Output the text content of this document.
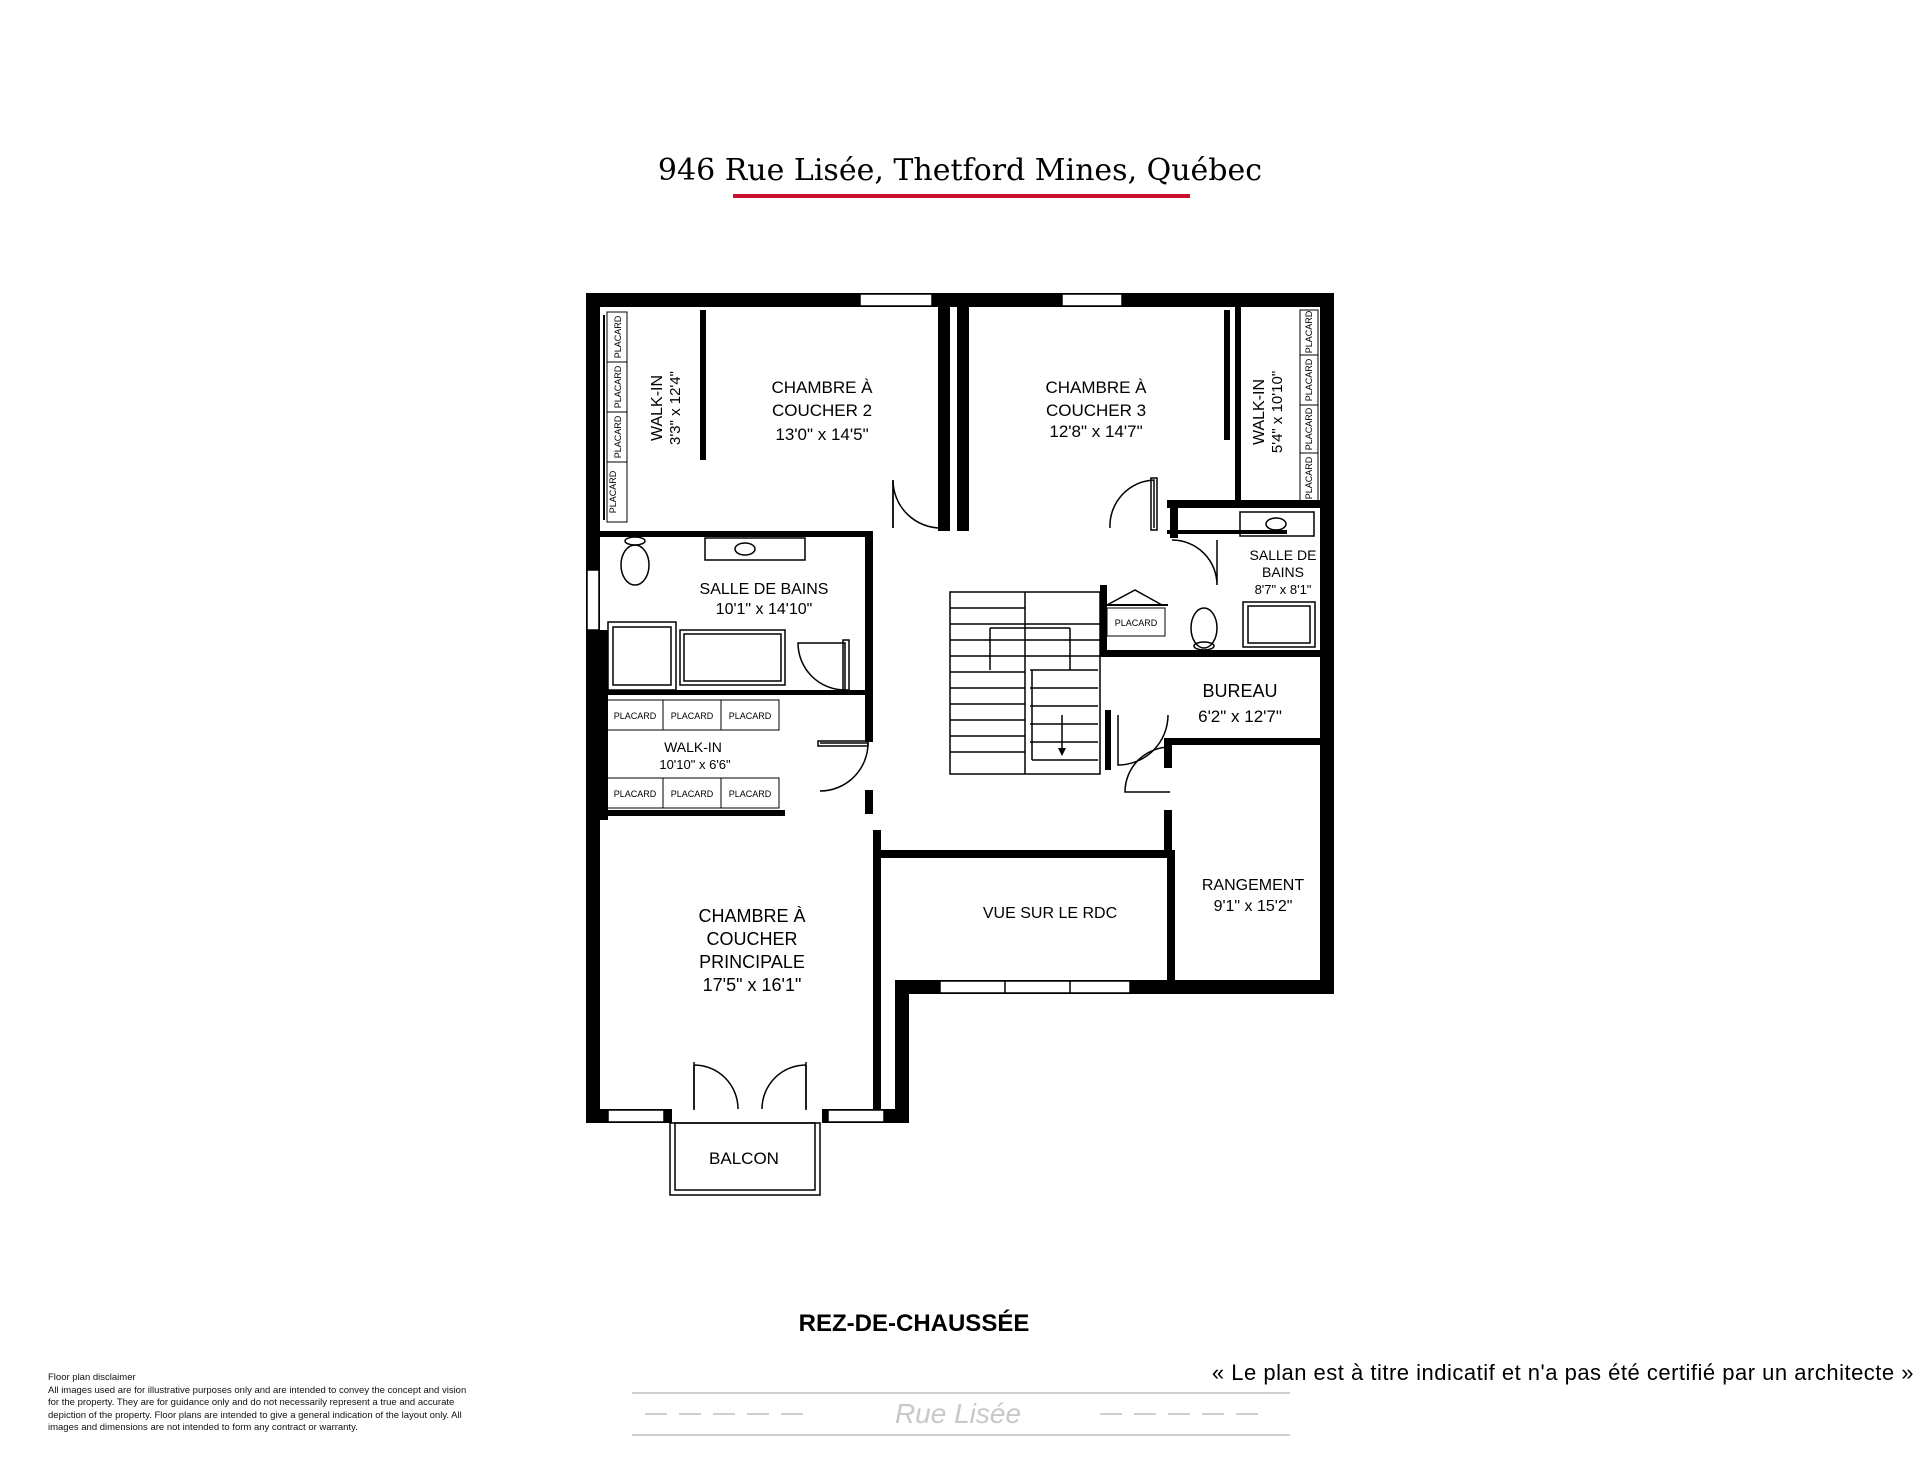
946 Rue Lisée, Thetford Mines, Québec
PLACARD
PLACARD
PLACARD
PLACARD
PLACARD
PLACARD
PLACARD
PLACARD
PLACARD
PLACARD PLACARD PLACARD
PLACARD PLACARD PLACARD
CHAMBRE À
COUCHER 2
13'0" x 14'5"
CHAMBRE À
COUCHER 3
12'8" x 14'7"
WALK-IN 3'3" x 12'4"	WALK-IN 5'4" x 10'10"
SALLE DE BAINS
10'1" x 14'10"
SALLE DE
BAINS
8'7" x 8'1"
WALK-IN
10'10" x 6'6"
BUREAU
6'2" x 12'7"
RANGEMENT
9'1" x 15'2"
VUE SUR LE RDC
CHAMBRE À
COUCHER
PRINCIPALE
17'5" x 16'1"
BALCON
REZ-DE-CHAUSSÉE
« Le plan est à titre indicatif et n'a pas été certifié par un architecte »
Rue Lisée
Floor plan disclaimer
All images used are for illustrative purposes only and are intended to convey the concept and vision
for the property. They are for guidance only and do not necessarily represent a true and accurate
depiction of the property. Floor plans are intended to give a general indication of the layout only. All
images and dimensions are not intended to form any contract or warranty.
